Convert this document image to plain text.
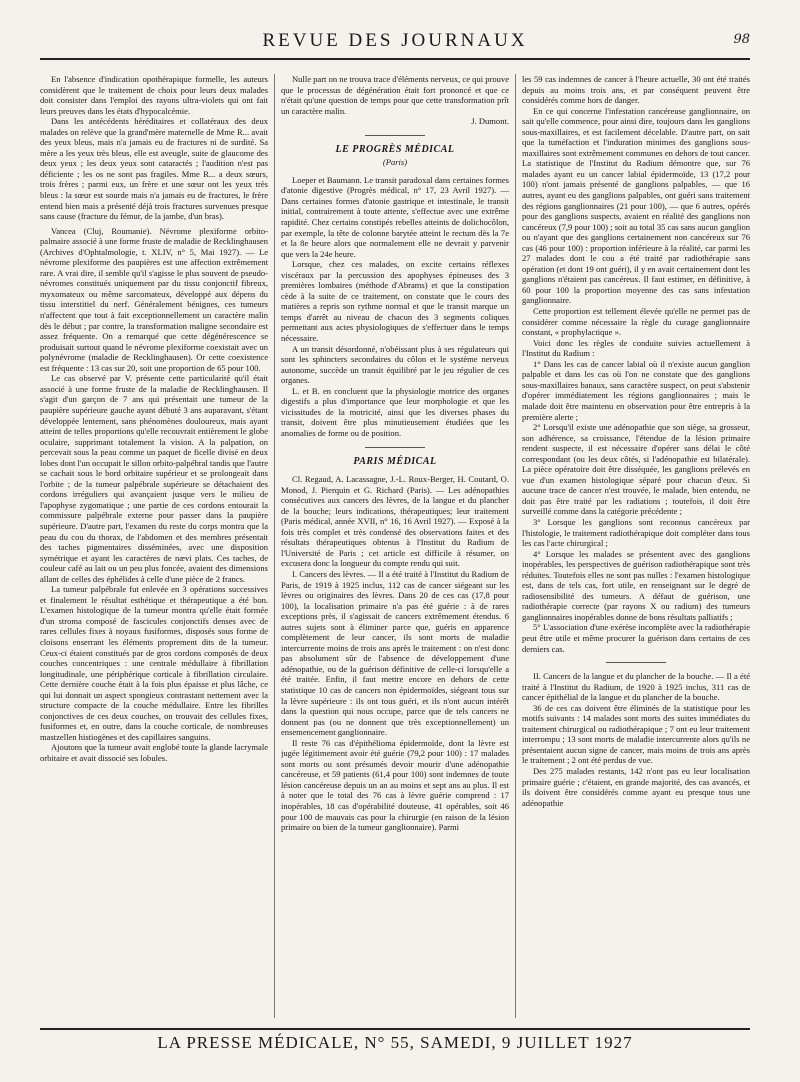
REVUE DES JOURNAUX	98

En l'absence d'indication opothérapique formelle, les auteurs considèrent que le traitement de choix pour leurs deux malades doit consister dans l'emploi des rayons ultra-violets qui ont fait leurs preuves dans les états d'hypocalcémie.

Dans les antécédents héréditaires et collatéraux des deux malades on relève que la grand'mère maternelle de Mme R... avait des yeux bleus, mais n'a jamais eu de fractures ni de surdité. Sa mère a les yeux très bleus, elle est aveugle, suite de glaucome des deux yeux ; les deux yeux sont cataractés ; l'audition n'est pas déficiente ; les os ne sont pas fragiles. Mme R... a deux sœurs, trois frères ; parmi eux, un frère et une sœur ont les yeux très bleus : la sœur est sourde mais n'a jamais eu de fractures, le frère entend bien mais a présenté déjà trois fractures survenues presque sans cause (fracture du fémur, de la jambe, d'un bras).

Vancea (Cluj, Roumanie). Névrome plexiforme orbito-palmaire associé à une forme fruste de maladie de Recklinghausen (Archives d'Ophtalmologie, t. XLIV, n° 5, Mai 1927). — Le névrome plexiforme des paupières est une affection extrêmement rare. A vrai dire, il semble qu'il s'agisse le plus souvent de pseudo-névromes constitués uniquement par du tissu conjonctif fibreux, myxomateux ou même sarcomateux, développé aux dépens du tissu interstitiel du nerf. Généralement bénignes, ces tumeurs n'affectent que tout à fait exceptionnellement un caractère malin dès le début ; par contre, la transformation maligne secondaire est assez fréquente. On a remarqué que cette dégénérescence se produisait surtout quand le névrome plexiforme coexistait avec un polynévrome (maladie de Recklinghausen). Or cette coexistence est fréquente : 13 cas sur 20, soit une proportion de 65 pour 100.

Le cas observé par V. présente cette particularité qu'il était associé à une forme fruste de la maladie de Recklinghausen. Il s'agit d'un garçon de 7 ans qui présentait une tumeur de la paupière supérieure gauche ayant débuté 3 ans auparavant, s'étant développée lentement, sans phénomènes douloureux, mais ayant atteint de telles proportions qu'elle recouvrait entièrement le globe oculaire, supprimant totalement la vision. A la palpation, on percevait sous la peau comme un paquet de ficelle divisé en deux lobes dont l'un occupait le sillon orbito-palpébral tandis que l'autre se cachait sous le bord orbitaire supérieur et se prolongeait dans l'orbite ; de la tumeur palpébrale supérieure se détachaient des cordons irréguliers qui avançaient jusque vers le milieu de l'apophyse zygomatique ; une partie de ces cordons entourait la commissure palpébrale externe pour passer dans la paupière supérieure. D'autre part, l'examen du reste du corps montra que la peau du cou du thorax, de l'abdomen et des membres présentait des taches pigmentaires disséminées, avec une disposition symétrique et ayant les caractères de nævi plats. Ces taches, de couleur café au lait ou un peu plus foncée, avaient des dimensions allant de celles des éphélides à celle d'une pièce de 2 francs.

La tumeur palpébrale fut enlevée en 3 opérations successives et finalement le résultat esthétique et thérapeutique a été bon. L'examen histologique de la tumeur montra qu'elle était formée d'un stroma composé de fascicules conjonctifs denses avec de rares cellules fixes à noyaux fusiformes, disposés sous forme de cloisons enserrant les éléments proprement dits de la tumeur. Ceux-ci étaient constitués par de gros cordons composés de deux couches concentriques : une centrale médullaire à fibrillation longitudinale, une périphérique corticale à fibrillation circulaire. Cette dernière couche était à la fois plus épaisse et plus lâche, ce qui lui donnait un aspect spongieux contrastant nettement avec la structure compacte de la couche médullaire. Entre les fibrilles conjonctives de ces deux couches, on trouvait des cellules fixes, fusiformes et, en outre, dans la couche corticale, de nombreuses mastzellen histiogènes et des capillaires sanguins.

Ajoutons que la tumeur avait englobé toute la glande lacrymale orbitaire et avait dissocié ses lobules.

Nulle part on ne trouva trace d'éléments nerveux, ce qui prouve que le processus de dégénération était fort prononcé et que ce n'était qu'une question de temps pour que cette transformation prît un caractère malin.

J. Dumont.

LE PROGRÈS MÉDICAL

(Paris)

Loeper et Baumann. Le transit paradoxal dans certaines formes d'atonie digestive (Progrès médical, n° 17, 23 Avril 1927). — Dans certaines formes d'atonie gastrique et intestinale, le transit initial, contrairement à toute attente, s'effectue avec une extrême rapidité. Chez certains constipés rebelles atteints de dolichocôlon, par exemple, la tête de colonne barytée atteint le rectum dès la 7e et la 8e heure alors que normalement elle ne devrait y parvenir que vers la 24e heure.

Lorsque, chez ces malades, on excite certains réflexes viscéraux par la percussion des apophyses épineuses des 3 premières lombaires (méthode d'Abrams) et que la constipation cède à la suite de ce traitement, on constate que le cours des matières a repris son rythme normal et que le transit marque un temps d'arrêt au niveau de chacun des 3 segments coliques permettant aux actes physiologiques de s'effectuer dans le temps nécessaire.

A un transit désordonné, n'obéissant plus à ses régulateurs qui sont les sphincters secondaires du côlon et le système nerveux autonome, succède un transit équilibré par le jeu régulier de ces organes.

L. et B. en concluent que la physiologie motrice des organes digestifs a plus d'importance que leur morphologie et que les vicissitudes de la motricité, ainsi que les diverses phases du transit, doivent être plus minutieusement étudiées que les anomalies de forme ou de position.

PARIS MÉDICAL

Cl. Regaud, A. Lacassagne, J.-L. Roux-Berger, H. Coutard, O. Monod, J. Pierquin et G. Richard (Paris). — Les adénopathies consécutives aux cancers des lèvres, de la langue et du plancher de la bouche; leurs indications, thérapeutiques; leur traitement (Paris médical, année XVII, n° 16, 16 Avril 1927). — Exposé à la fois très complet et très condensé des observations faites et des résultats thérapeutiques obtenus à l'Institut du Radium de l'Université de Paris ; cet article est difficile à résumer, on excusera donc la longueur du compte rendu qui suit.

I. Cancers des lèvres. — Il a été traité à l'Institut du Radium de Paris, de 1919 à 1925 inclus, 112 cas de cancer siégeant sur les lèvres ou originaires des lèvres. Dans 20 de ces cas (17,8 pour 100), la localisation primaire n'a pas été guérie : à de rares exceptions près, il s'agissait de cancers extrêmement étendus. 6 autres sujets sont à éliminer parce que, guéris en apparence complètement de leur cancer, ils sont morts de maladie intercurrente moins de trois ans après le traitement : on n'est donc pas absolument sûr de l'absence de développement d'une adénopathie, ou de la guérison définitive de celle-ci lorsqu'elle a été traitée. Enfin, il faut mettre encore en dehors de cette statistique 10 cas de cancers non épidermoïdes, siégeant tous sur la lèvre supérieure : ils ont tous guéri, et ils n'ont aucun intérêt dans la question qui nous occupe, parce que de tels cancers ne donnent pas (ou ne donnent que très exceptionnellement) un ensemencement ganglionnaire.

Il reste 76 cas d'épithélioma épidermoïde, dont la lèvre est jugée légitimement avoir été guérie (79,2 pour 100) : 17 malades sont morts ou sont présumés devoir mourir d'une adénopathie cancéreuse, et 59 patients (61,4 pour 100) sont indemnes de toute lésion cancéreuse depuis un an au moins et sept ans au plus. Il est à noter que le total des 76 cas à lèvre guérie comprend : 17 inopérables, 18 cas d'opérabilité douteuse, 41 opérables, soit 46 pour 100 de mauvais cas pour la chirurgie (en raison de la lésion primaire ou bien de la tumeur ganglionnaire). Parmi

les 59 cas indemnes de cancer à l'heure actuelle, 30 ont été traités depuis au moins trois ans, et par conséquent peuvent être considérés comme hors de danger.

En ce qui concerne l'infestation cancéreuse ganglionnaire, on sait qu'elle commence, pour ainsi dire, toujours dans les ganglions sous-maxillaires, et est facilement décelable. D'autre part, on sait que la tuméfaction et l'induration minimes des ganglions sous-maxillaires sont extrêmement communes en dehors de tout cancer. La statistique de l'Institut du Radium démontre que, sur 76 malades ayant eu un cancer labial épidermoïde, 13 (17,2 pour 100) n'ont jamais présenté de ganglions palpables, — que 16 autres, ayant eu des ganglions palpables, ont guéri sans traitement des régions ganglionnaires (21 pour 100), — que 6 autres, opérés pour des ganglions suspects, avaient en réalité des ganglions non cancéreux (7,9 pour 100) ; soit au total 35 cas sans aucun ganglion ou n'ayant que des ganglions certainement non cancéreux sur 76 cas (46 pour 100) : proportion inférieure à la réalité, car parmi les 27 malades dont le cou a été traité par radiothérapie sans opération (et dont 19 ont guéri), il y en avait certainement dont les ganglions n'étaient pas cancéreux. Il faut estimer, en définitive, à 60 pour 100 la proportion moyenne des cas sans infestation ganglionnaire.

Cette proportion est tellement élevée qu'elle ne permet pas de considérer comme nécessaire la règle du curage ganglionnaire constant, « prophylactique ».

Voici donc les règles de conduite suivies actuellement à l'Institut du Radium :

1° Dans les cas de cancer labial où il n'existe aucun ganglion palpable et dans les cas où l'on ne constate que des ganglions sous-maxillaires banaux, sans caractère suspect, on peut s'abstenir d'opérer immédiatement les régions ganglionnaires ; mais le malade doit être maintenu en observation pour être entrepris à la première alerte ;

2° Lorsqu'il existe une adénopathie que son siège, sa grosseur, son adhérence, sa croissance, l'étendue de la lésion primaire rendent suspecte, il est nécessaire d'opérer sans délai le côté correspondant (ou les deux côtés, si l'adénopathie est bilatérale). La pièce opératoire doit être disséquée, les ganglions prélevés en vue d'un examen histologique séparé pour chacun d'eux. Si aucune trace de cancer n'est trouvée, le malade, bien entendu, ne doit pas être traité par les radiations ; toutefois, il doit être surveillé comme dans la catégorie précédente ;

3° Lorsque les ganglions sont reconnus cancéreux par l'histologie, le traitement radiothérapique doit compléter dans tous les cas l'acte chirurgical ;

4° Lorsque les malades se présentent avec des ganglions inopérables, les perspectives de guérison radiothérapique sont très réduites. Toutefois elles ne sont pas nulles : l'examen histologique est, dans de tels cas, fort utile, en renseignant sur le degré de radiosensibilité des tumeurs. A défaut de guérison, une radiothérapie correcte (par rayons X ou radium) des tumeurs ganglionnaires inopérables donne de bons résultats palliatifs ;

5° L'association d'une exérèse incomplète avec la radiothérapie peut être utile et même procurer la guérison dans certains de ces derniers cas.

II. Cancers de la langue et du plancher de la bouche. — Il a été traité à l'Institut du Radium, de 1920 à 1925 inclus, 311 cas de cancer épithélial de la langue et du plancher de la bouche.

36 de ces cas doivent être éliminés de la statistique pour les motifs suivants : 14 malades sont morts des suites immédiates du traitement chirurgical ou radiothérapique ; 7 ont eu leur traitement interrompu ; 13 sont morts de maladie intercurrente alors qu'ils ne présentaient aucun signe de cancer, mais moins de trois ans après le traitement ; 2 ont été perdus de vue.

Des 275 malades restants, 142 n'ont pas eu leur localisation primaire guérie ; c'étaient, en grande majorité, des cas avancés, et ils doivent être considérés comme ayant eu presque tous une adénopathie

LA PRESSE MÉDICALE, N° 55, SAMEDI, 9 JUILLET 1927
